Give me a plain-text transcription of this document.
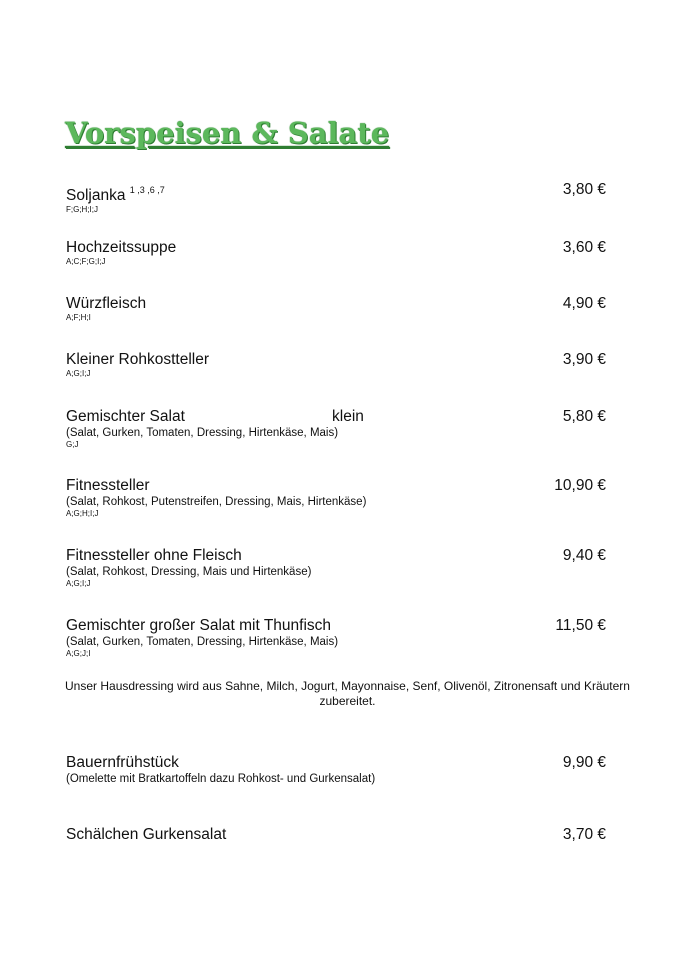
Vorspeisen & Salate
Soljanka $^{1 ,3 ,6 ,7}$
F;G;H;I;J
3,80 €
Hochzeitssuppe
A;C;F;G;I;J
3,60 €
Würzfleisch
A;F;H;I
4,90 €
Kleiner Rohkostteller
A;G;I;J
3,90 €
Gemischter Salat	klein
(Salat, Gurken, Tomaten, Dressing, Hirtenkäse, Mais)
G;J
5,80 €
Fitnessteller
(Salat, Rohkost, Putenstreifen, Dressing, Mais, Hirtenkäse)
A;G;H;I;J
10,90 €
Fitnessteller ohne Fleisch
(Salat, Rohkost, Dressing, Mais und Hirtenkäse)
A;G;I;J
9,40 €
Gemischter großer Salat mit Thunfisch
(Salat, Gurken, Tomaten, Dressing, Hirtenkäse, Mais)
A;G;J;I
11,50 €
Unser Hausdressing wird aus Sahne, Milch, Jogurt, Mayonnaise, Senf, Olivenöl, Zitronensaft und Kräutern zubereitet.
Bauernfrühstück
(Omelette mit Bratkartoffeln dazu Rohkost- und Gurkensalat)
9,90 €
Schälchen Gurkensalat	3,70 €
